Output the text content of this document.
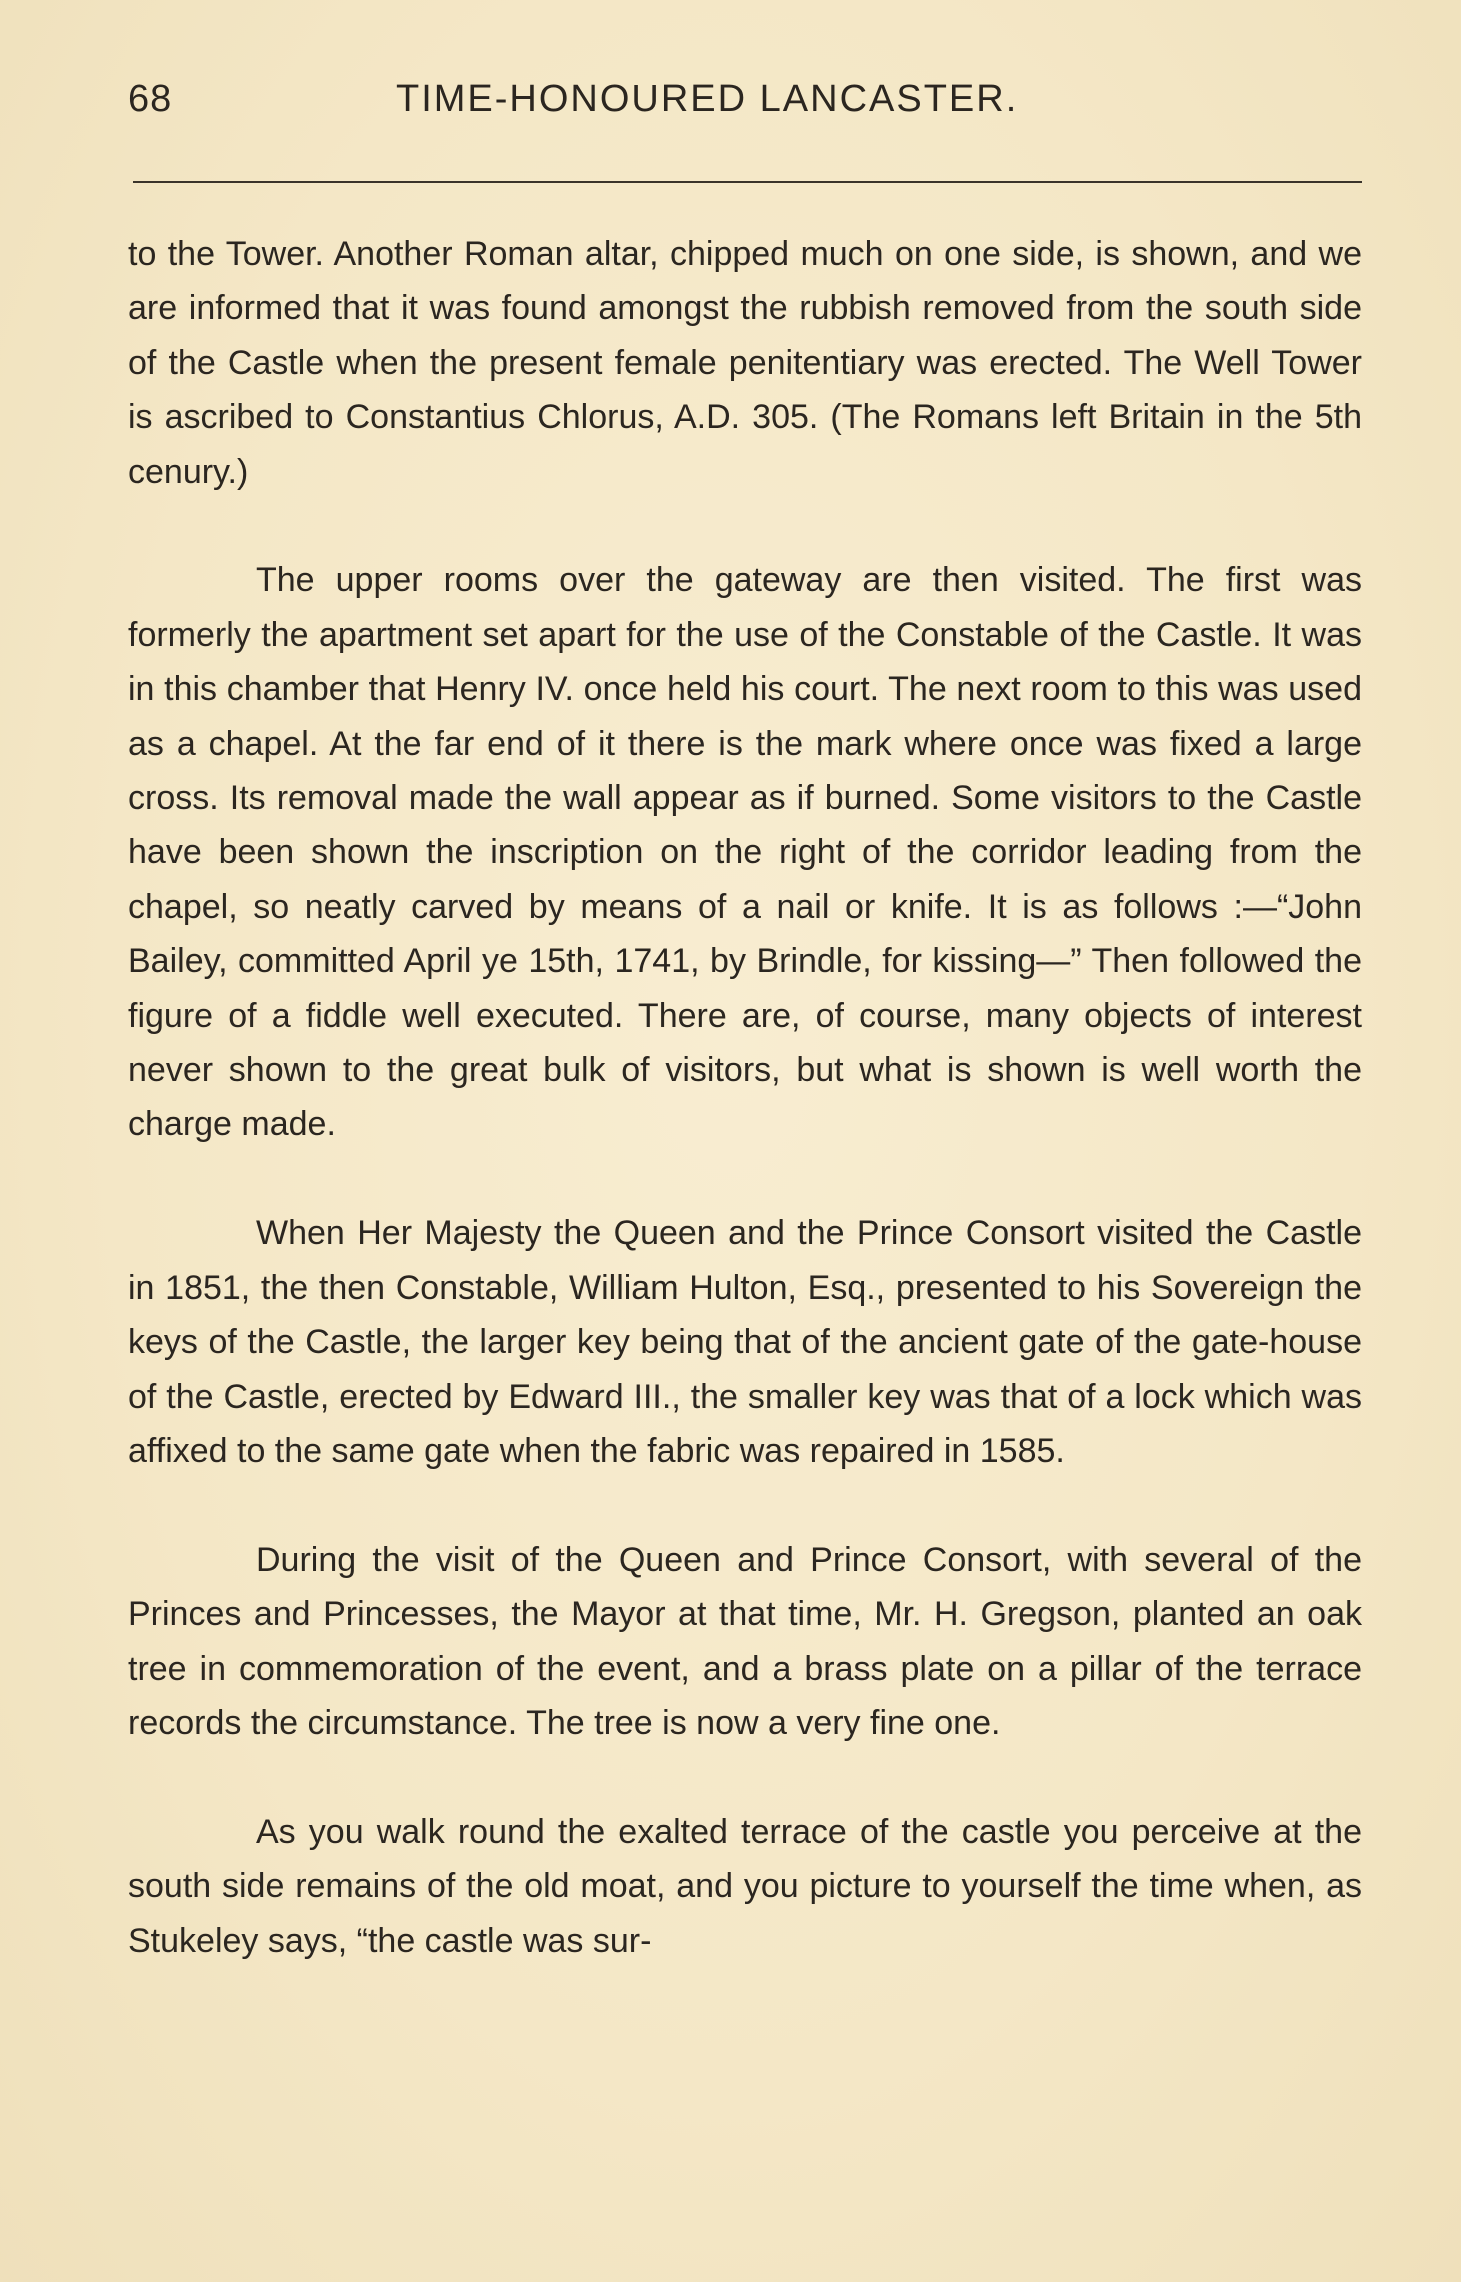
68	TIME-HONOURED LANCASTER.

to the Tower. Another Roman altar, chipped much on one side, is shown, and we are informed that it was found amongst the rubbish removed from the south side of the Castle when the present female penitentiary was erected. The Well Tower is ascribed to Constantius Chlorus, A.D. 305. (The Romans left Britain in the 5th cenury.)

The upper rooms over the gateway are then visited. The first was formerly the apartment set apart for the use of the Constable of the Castle. It was in this chamber that Henry IV. once held his court. The next room to this was used as a chapel. At the far end of it there is the mark where once was fixed a large cross. Its removal made the wall appear as if burned. Some visitors to the Castle have been shown the inscription on the right of the corridor leading from the chapel, so neatly carved by means of a nail or knife. It is as follows :—“John Bailey, committed April ye 15th, 1741, by Brindle, for kissing—” Then followed the figure of a fiddle well executed. There are, of course, many objects of interest never shown to the great bulk of visitors, but what is shown is well worth the charge made.

When Her Majesty the Queen and the Prince Consort visited the Castle in 1851, the then Constable, William Hulton, Esq., presented to his Sovereign the keys of the Castle, the larger key being that of the ancient gate of the gate-house of the Castle, erected by Edward III., the smaller key was that of a lock which was affixed to the same gate when the fabric was repaired in 1585.

During the visit of the Queen and Prince Consort, with several of the Princes and Princesses, the Mayor at that time, Mr. H. Gregson, planted an oak tree in commemoration of the event, and a brass plate on a pillar of the terrace records the circumstance. The tree is now a very fine one.

As you walk round the exalted terrace of the castle you perceive at the south side remains of the old moat, and you picture to yourself the time when, as Stukeley says, “the castle was sur-
